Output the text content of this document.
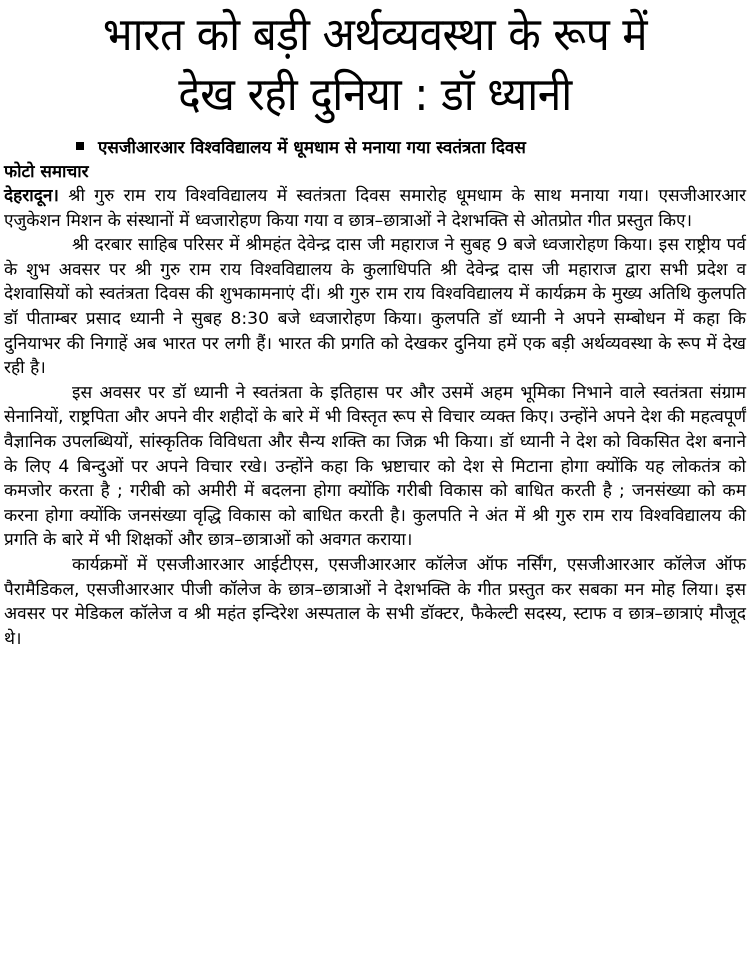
भारत को बड़ी अर्थव्यवस्था के रूप में
देख रही दुनिया : डॉ ध्यानी
एसजीआरआर विश्वविद्यालय में धूमधाम से मनाया गया स्वतंत्रता दिवस
फोटो समाचार

देहरादून। श्री गुरु राम राय विश्वविद्यालय में स्वतंत्रता दिवस समारोह धूमधाम के साथ मनाया गया। एसजीआरआर एजुकेशन मिशन के संस्थानों में ध्वजारोहण किया गया व छात्र–छात्राओं ने देशभक्ति से ओतप्रोत गीत प्रस्तुत किए।

श्री दरबार साहिब परिसर में श्रीमहंत देवेन्द्र दास जी महाराज ने सुबह 9 बजे ध्वजारोहण किया। इस राष्ट्रीय पर्व के शुभ अवसर पर श्री गुरु राम राय विश्वविद्यालय के कुलाधिपति श्री देवेन्द्र दास जी महाराज द्वारा सभी प्रदेश व देशवासियों को स्वतंत्रता दिवस की शुभकामनाएं दीं। श्री गुरु राम राय विश्वविद्यालय में कार्यक्रम के मुख्य अतिथि कुलपति डॉ पीताम्बर प्रसाद ध्यानी ने सुबह 8:30 बजे ध्वजारोहण किया। कुलपति डॉ ध्यानी ने अपने सम्बोधन में कहा कि दुनियाभर की निगाहें अब भारत पर लगी हैं। भारत की प्रगति को देखकर दुनिया हमें एक बड़ी अर्थव्यवस्था के रूप में देख रही है।

इस अवसर पर डॉ ध्यानी ने स्वतंत्रता के इतिहास पर और उसमें अहम भूमिका निभाने वाले स्वतंत्रता संग्राम सेनानियों, राष्ट्रपिता और अपने वीर शहीदों के बारे में भी विस्तृत रूप से विचार व्यक्त किए। उन्होंने अपने देश की महत्वपूर्णं वैज्ञानिक उपलब्धियों, सांस्कृतिक विविधता और सैन्य शक्ति का जिक्र भी किया। डॉ ध्यानी ने देश को विकसित देश बनाने के लिए 4 बिन्दुओं पर अपने विचार रखे। उन्होंने कहा कि भ्रष्टाचार को देश से मिटाना होगा क्योंकि यह लोकतंत्र को कमजोर करता है ; गरीबी को अमीरी में बदलना होगा क्योंकि गरीबी विकास को बाधित करती है ; जनसंख्या को कम करना होगा क्योंकि जनसंख्या वृद्धि विकास को बाधित करती है। कुलपति ने अंत में श्री गुरु राम राय विश्वविद्यालय की प्रगति के बारे में भी शिक्षकों और छात्र–छात्राओं को अवगत कराया।

कार्यक्रमों में एसजीआरआर आईटीएस, एसजीआरआर कॉलेज ऑफ नर्सिंग, एसजीआरआर कॉलेज ऑफ पैरामैडिकल, एसजीआरआर पीजी कॉलेज के छात्र–छात्राओं ने देशभक्ति के गीत प्रस्तुत कर सबका मन मोह लिया। इस अवसर पर मेडिकल कॉलेज व श्री महंत इन्दिरेश अस्पताल के सभी डॉक्टर, फैकेल्टी सदस्य, स्टाफ व छात्र–छात्राएं मौजूद थे।
